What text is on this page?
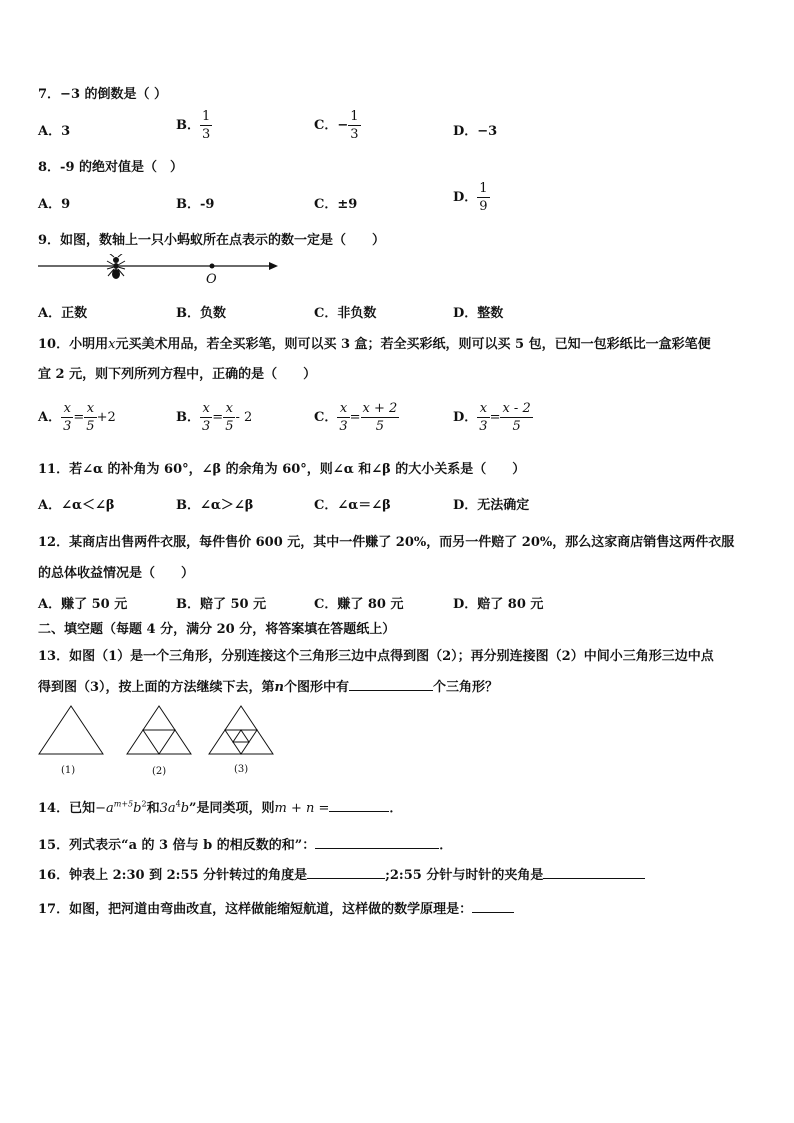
7．−3 的倒数是（ ）
A．3	B． $\frac{1}{3}$	C．− $\frac{1}{3}$	D．−3
8．-9 的绝对值是（　）
A．9	B．-9	C．±9	D． $\frac{1}{9}$
9．如图，数轴上一只小蚂蚁所在点表示的数一定是（　　）
O
A．正数	B．负数	C．非负数	D．整数
10．小明用x元买美术用品，若全买彩笔，则可以买 3 盒；若全买彩纸，则可以买 5 包，已知一包彩纸比一盒彩笔便
宜 2 元，则下列所列方程中，正确的是（　　）
A． $\frac{x}{3} = \frac{x}{5} +2$	B． $\frac{x}{3} = \frac{x}{5} - 2$	C． $\frac{x}{3} = \frac{x + 2}{5}$	D． $\frac{x}{3} = \frac{x - 2}{5}$
11．若∠α 的补角为 60°，∠β 的余角为 60°，则∠α 和∠β 的大小关系是（　　）
A．∠α＜∠β	B．∠α＞∠β	C．∠α＝∠β	D．无法确定
12．某商店出售两件衣服，每件售价 600 元，其中一件赚了 20%，而另一件赔了 20%，那么这家商店销售这两件衣服
的总体收益情况是（　　）
A．赚了 50 元	B．赔了 50 元	C．赚了 80 元	D．赔了 80 元
二、填空题（每题 4 分，满分 20 分，将答案填在答题纸上）
13．如图（1）是一个三角形，分别连接这个三角形三边中点得到图（2）；再分别连接图（2）中间小三角形三边中点
得到图（3），按上面的方法继续下去，第n个图形中有	个三角形？
(1)	(2)	(3)
14．已知$-a^{m+5}b^2$和$3a^4b$”是同类项，则m + n =	．
15．列式表示“a 的 3 倍与 b 的相反数的和”：	．
16．钟表上 2:30 到 2:55 分针转过的角度是	;2:55 分针与时针的夹角是
17．如图，把河道由弯曲改直，这样做能缩短航道，这样做的数学原理是：
